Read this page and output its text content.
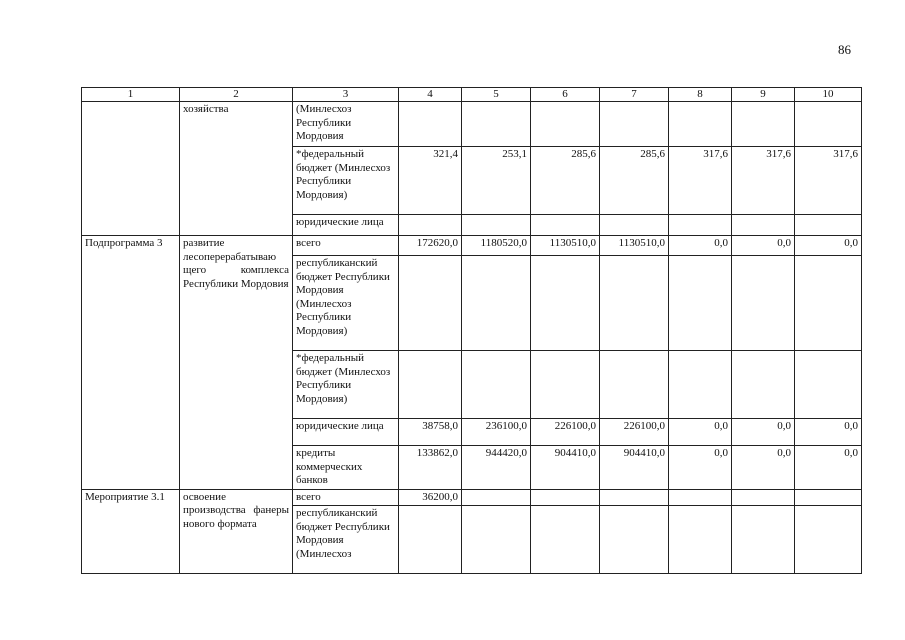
86
1	2	3	4	5	6	7	8	9	10
	хозяйства	(Минлесхоз Республики Мордовия							
		*федеральный бюджет (Минлесхоз Республики Мордовия)	321,4	253,1	285,6	285,6	317,6	317,6	317,6
		юридические лица							
Подпрограмма 3	развитие лесоперерабатываю щего комплекса Республики Мордовия	всего	172620,0	1180520,0	1130510,0	1130510,0	0,0	0,0	0,0
		республиканский бюджет Республики Мордовия (Минлесхоз Республики Мордовия)							
		*федеральный бюджет (Минлесхоз Республики Мордовия)							
		юридические лица	38758,0	236100,0	226100,0	226100,0	0,0	0,0	0,0
		кредиты коммерческих банков	133862,0	944420,0	904410,0	904410,0	0,0	0,0	0,0
Мероприятие 3.1	освоение производства фанеры нового формата	всего	36200,0						
		республиканский бюджет Республики Мордовия (Минлесхоз							
